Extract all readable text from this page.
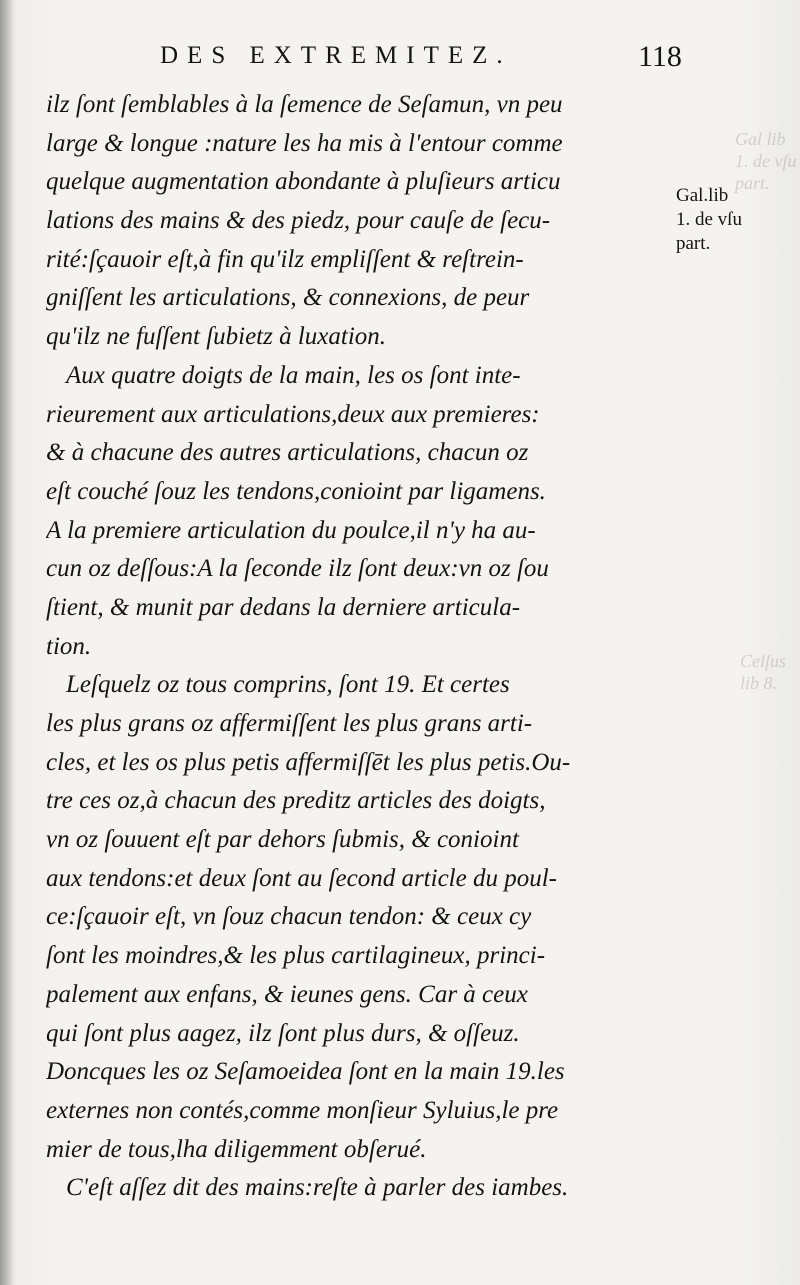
Gal lib
1. de vſu
part.
Celſus
lib 8.
DES EXTREMITEZ.	118
ilz ſont ſemblables à la ſemence de Seſamun, vn peu
large & longue :nature les ha mis à l'entour comme
quelque augmentation abondante à pluſieurs articu
lations des mains & des piedz, pour cauſe de ſecu-
rité:ſçauoir eſt,à fin qu'ilz empliſſent & reſtrein-
gniſſent les articulations, & connexions, de peur
qu'ilz ne fuſſent ſubietz à luxation.
Aux quatre doigts de la main, les os ſont inte-
rieurement aux articulations,deux aux premieres:
& à chacune des autres articulations, chacun oz
eſt couché ſouz les tendons,conioint par ligamens.
A la premiere articulation du poulce,il n'y ha au-
cun oz deſſous:A la ſeconde ilz ſont deux:vn oz ſou
ſtient, & munit par dedans la derniere articula-
tion.
Leſquelz oz tous comprins, ſont 19. Et certes
les plus grans oz affermiſſent les plus grans arti-
cles, et les os plus petis affermiſſēt les plus petis.Ou-
tre ces oz,à chacun des preditz articles des doigts,
vn oz ſouuent eſt par dehors ſubmis, & conioint
aux tendons:et deux ſont au ſecond article du poul-
ce:ſçauoir eſt, vn ſouz chacun tendon: & ceux cy
ſont les moindres,& les plus cartilagineux, princi-
palement aux enfans, & ieunes gens. Car à ceux
qui ſont plus aagez, ilz ſont plus durs, & oſſeuz.
Doncques les oz Seſamoeidea ſont en la main 19.les
externes non contés,comme monſieur Syluius,le pre
mier de tous,lha diligemment obſerué.
C'eſt aſſez dit des mains:reſte à parler des iambes.
Gal.lib
1. de vſu
part.
